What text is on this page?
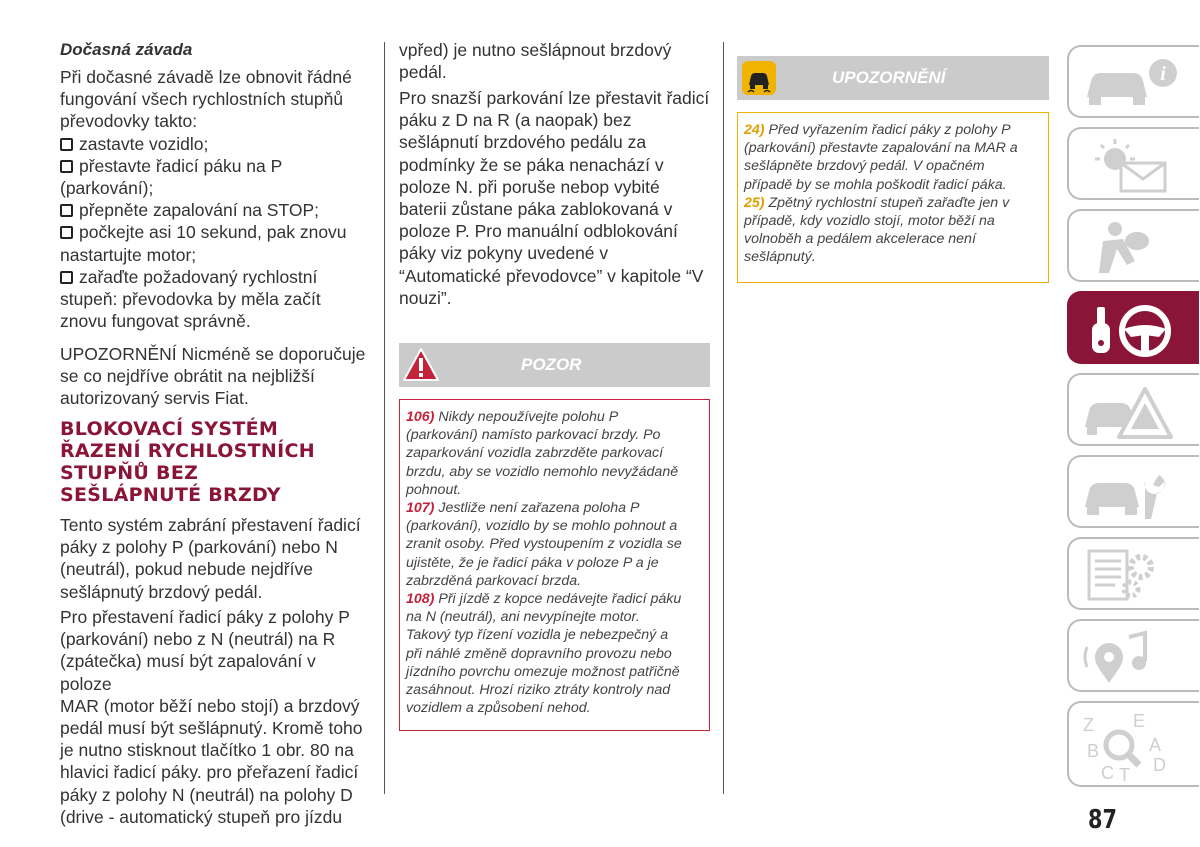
Dočasná závada

Při dočasné závadě lze obnovit řádné

fungování všech rychlostních stupňů

převodovky takto:

zastavte vozidlo;

přestavte řadicí páku na P

(parkování);

přepněte zapalování na STOP;

počkejte asi 10 sekund, pak znovu

nastartujte motor;

zařaďte požadovaný rychlostní

stupeň: převodovka by měla začít

znovu fungovat správně.

UPOZORNĚNÍ Nicméně se doporučuje

se co nejdříve obrátit na nejbližší

autorizovaný servis Fiat.

BLOKOVACÍ SYSTÉM

ŘAZENÍ RYCHLOSTNÍCH

STUPŇŮ BEZ

SEŠLÁPNUTÉ BRZDY

Tento systém zabrání přestavení řadicí

páky z polohy P (parkování) nebo N

(neutrál), pokud nebude nejdříve

sešlápnutý brzdový pedál.

Pro přestavení řadicí páky z polohy P

(parkování) nebo z N (neutrál) na R

(zpátečka) musí být zapalování v poloze

MAR (motor běží nebo stojí) a brzdový

pedál musí být sešlápnutý. Kromě toho

je nutno stisknout tlačítko 1 obr. 80 na

hlavici řadicí páky. pro přeřazení řadicí

páky z polohy N (neutrál) na polohy D

(drive - automatický stupeň pro jízdu

vpřed) je nutno sešlápnout brzdový

pedál.

Pro snazší parkování lze přestavit řadicí

páku z D na R (a naopak) bez

sešlápnutí brzdového pedálu za

podmínky že se páka nenachází v

poloze N. při poruše nebop vybité

baterii zůstane páka zablokovaná v

poloze P. Pro manuální odblokování

páky viz pokyny uvedené v

“Automatické převodovce” v kapitole “V

nouzi”.

POZOR

106) Nikdy nepoužívejte polohu P

(parkování) namísto parkovací brzdy. Po

zaparkování vozidla zabrzděte parkovací

brzdu, aby se vozidlo nemohlo nevyžádaně

pohnout.

107) Jestliže není zařazena poloha P

(parkování), vozidlo by se mohlo pohnout a

zranit osoby. Před vystoupením z vozidla se

ujistěte, že je řadicí páka v poloze P a je

zabrzděná parkovací brzda.

108) Při jízdě z kopce nedávejte řadicí páku

na N (neutrál), ani nevypínejte motor.

Takový typ řízení vozidla je nebezpečný a

při náhlé změně dopravního provozu nebo

jízdního povrchu omezuje možnost patřičně

zasáhnout. Hrozí riziko ztráty kontroly nad

vozidlem a způsobení nehod.

UPOZORNĚNÍ

24) Před vyřazením řadicí páky z polohy P

(parkování) přestavte zapalování na MAR a

sešlápněte brzdový pedál. V opačném

případě by se mohla poškodit řadicí páka.

25) Zpětný rychlostní stupeň zařaďte jen v

případě, kdy vozidlo stojí, motor běží na

volnoběh a pedálem akcelerace není

sešlápnutý.

i
Z E
B	A
C T D
87
